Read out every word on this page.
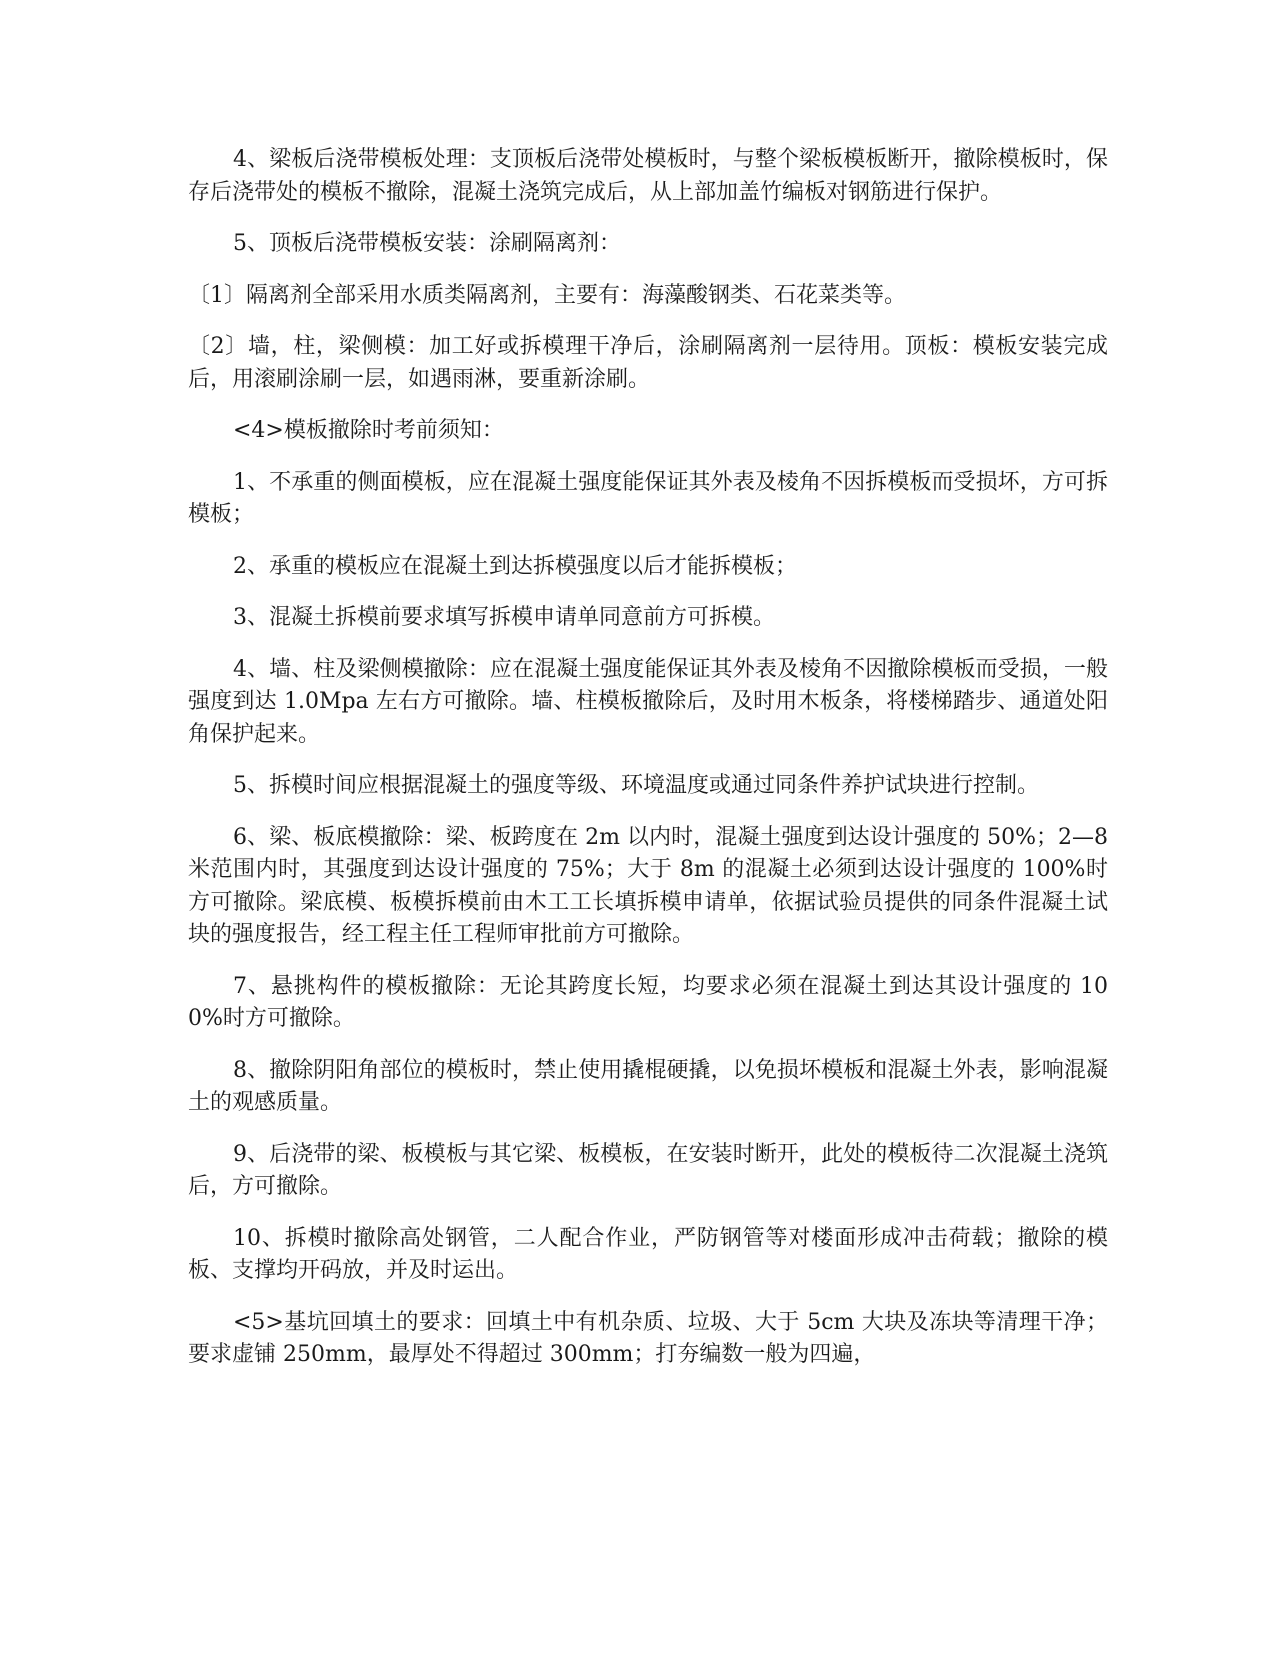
4、梁板后浇带模板处理：支顶板后浇带处模板时，与整个梁板模板断开，撤除模板时，保存后浇带处的模板不撤除，混凝土浇筑完成后，从上部加盖竹编板对钢筋进行保护。

5、顶板后浇带模板安装：涂刷隔离剂：

〔1〕隔离剂全部采用水质类隔离剂，主要有：海藻酸钢类、石花菜类等。

〔2〕墙，柱，梁侧模：加工好或拆模理干净后，涂刷隔离剂一层待用。顶板：模板安装完成后，用滚刷涂刷一层，如遇雨淋，要重新涂刷。

<4>模板撤除时考前须知：

1、不承重的侧面模板，应在混凝土强度能保证其外表及棱角不因拆模板而受损坏，方可拆模板；

2、承重的模板应在混凝土到达拆模强度以后才能拆模板；

3、混凝土拆模前要求填写拆模申请单同意前方可拆模。

4、墙、柱及梁侧模撤除：应在混凝土强度能保证其外表及棱角不因撤除模板而受损，一般强度到达 1.0Mpa 左右方可撤除。墙、柱模板撤除后，及时用木板条，将楼梯踏步、通道处阳角保护起来。

5、拆模时间应根据混凝土的强度等级、环境温度或通过同条件养护试块进行控制。

6、梁、板底模撤除：梁、板跨度在 2m 以内时，混凝土强度到达设计强度的 50%；2—8 米范围内时，其强度到达设计强度的 75%；大于 8m 的混凝土必须到达设计强度的 100%时方可撤除。梁底模、板模拆模前由木工工长填拆模申请单，依据试验员提供的同条件混凝土试块的强度报告，经工程主任工程师审批前方可撤除。

7、悬挑构件的模板撤除：无论其跨度长短，均要求必须在混凝土到达其设计强度的 100%时方可撤除。

8、撤除阴阳角部位的模板时，禁止使用撬棍硬撬，以免损坏模板和混凝土外表，影响混凝土的观感质量。

9、后浇带的梁、板模板与其它梁、板模板，在安装时断开，此处的模板待二次混凝土浇筑后，方可撤除。

10、拆模时撤除高处钢管，二人配合作业，严防钢管等对楼面形成冲击荷载；撤除的模板、支撑均开码放，并及时运出。

<5>基坑回填土的要求：回填土中有机杂质、垃圾、大于 5cm 大块及冻块等清理干净；要求虚铺 250mm，最厚处不得超过 300mm；打夯编数一般为四遍，
